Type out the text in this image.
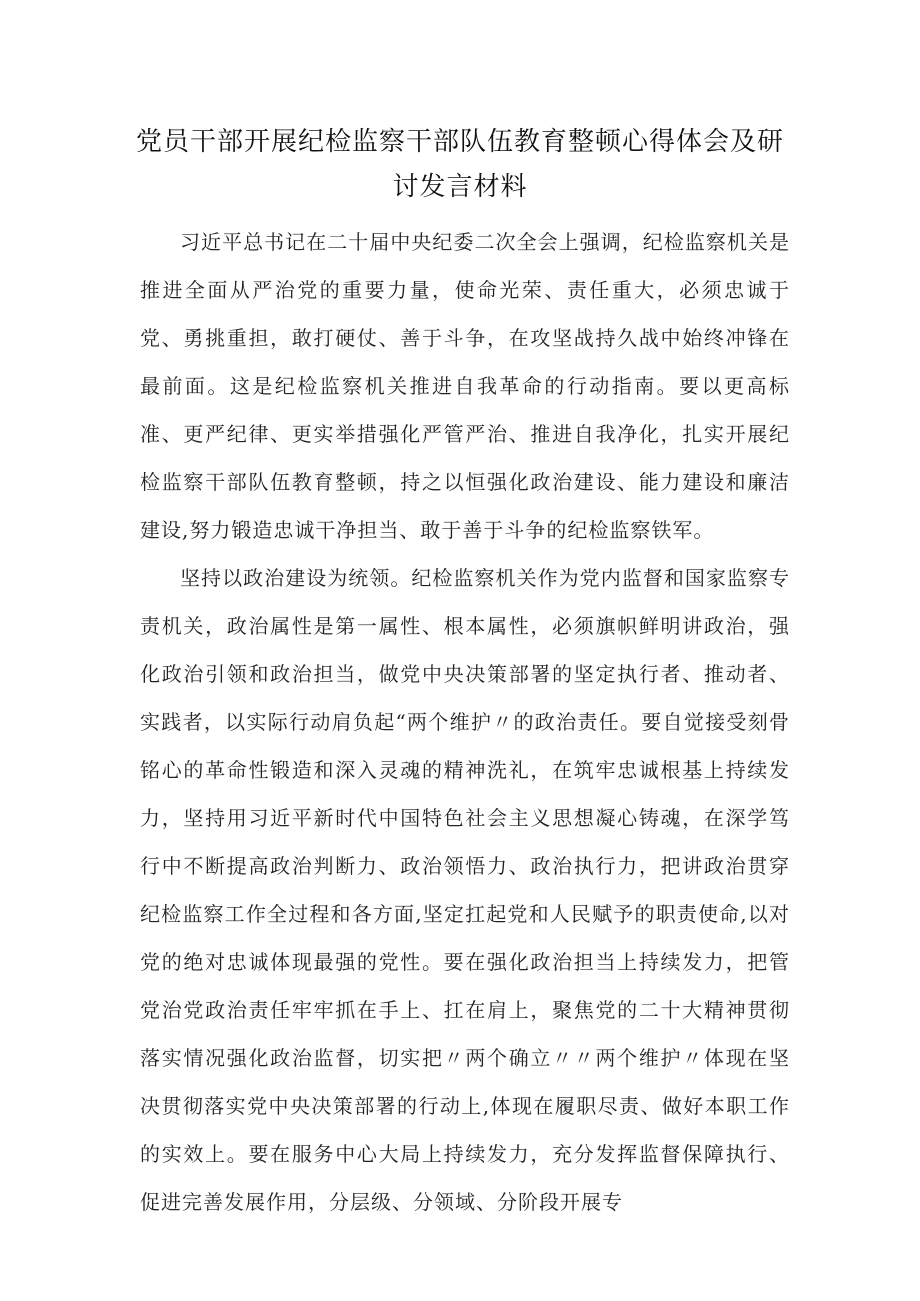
党员干部开展纪检监察干部队伍教育整顿心得体会及研
讨发言材料

习近平总书记在二十届中央纪委二次全会上强调，纪检监察机关是推进全面从严治党的重要力量，使命光荣、责任重大，必须忠诚于党、勇挑重担，敢打硬仗、善于斗争，在攻坚战持久战中始终冲锋在最前面。这是纪检监察机关推进自我革命的行动指南。要以更高标准、更严纪律、更实举措强化严管严治、推进自我净化，扎实开展纪检监察干部队伍教育整顿，持之以恒强化政治建设、能力建设和廉洁建设,努力锻造忠诚干净担当、敢于善于斗争的纪检监察铁军。

坚持以政治建设为统领。纪检监察机关作为党内监督和国家监察专责机关，政治属性是第一属性、根本属性，必须旗帜鲜明讲政治，强化政治引领和政治担当，做党中央决策部署的坚定执行者、推动者、实践者，以实际行动肩负起“两个维护〃的政治责任。要自觉接受刻骨铭心的革命性锻造和深入灵魂的精神洗礼，在筑牢忠诚根基上持续发力，坚持用习近平新时代中国特色社会主义思想凝心铸魂，在深学笃行中不断提高政治判断力、政治领悟力、政治执行力，把讲政治贯穿纪检监察工作全过程和各方面,坚定扛起党和人民赋予的职责使命,以对党的绝对忠诚体现最强的党性。要在强化政治担当上持续发力，把管党治党政治责任牢牢抓在手上、扛在肩上，聚焦党的二十大精神贯彻落实情况强化政治监督，切实把〃两个确立〃〃两个维护〃体现在坚决贯彻落实党中央决策部署的行动上,体现在履职尽责、做好本职工作的实效上。要在服务中心大局上持续发力，充分发挥监督保障执行、促进完善发展作用，分层级、分领域、分阶段开展专
